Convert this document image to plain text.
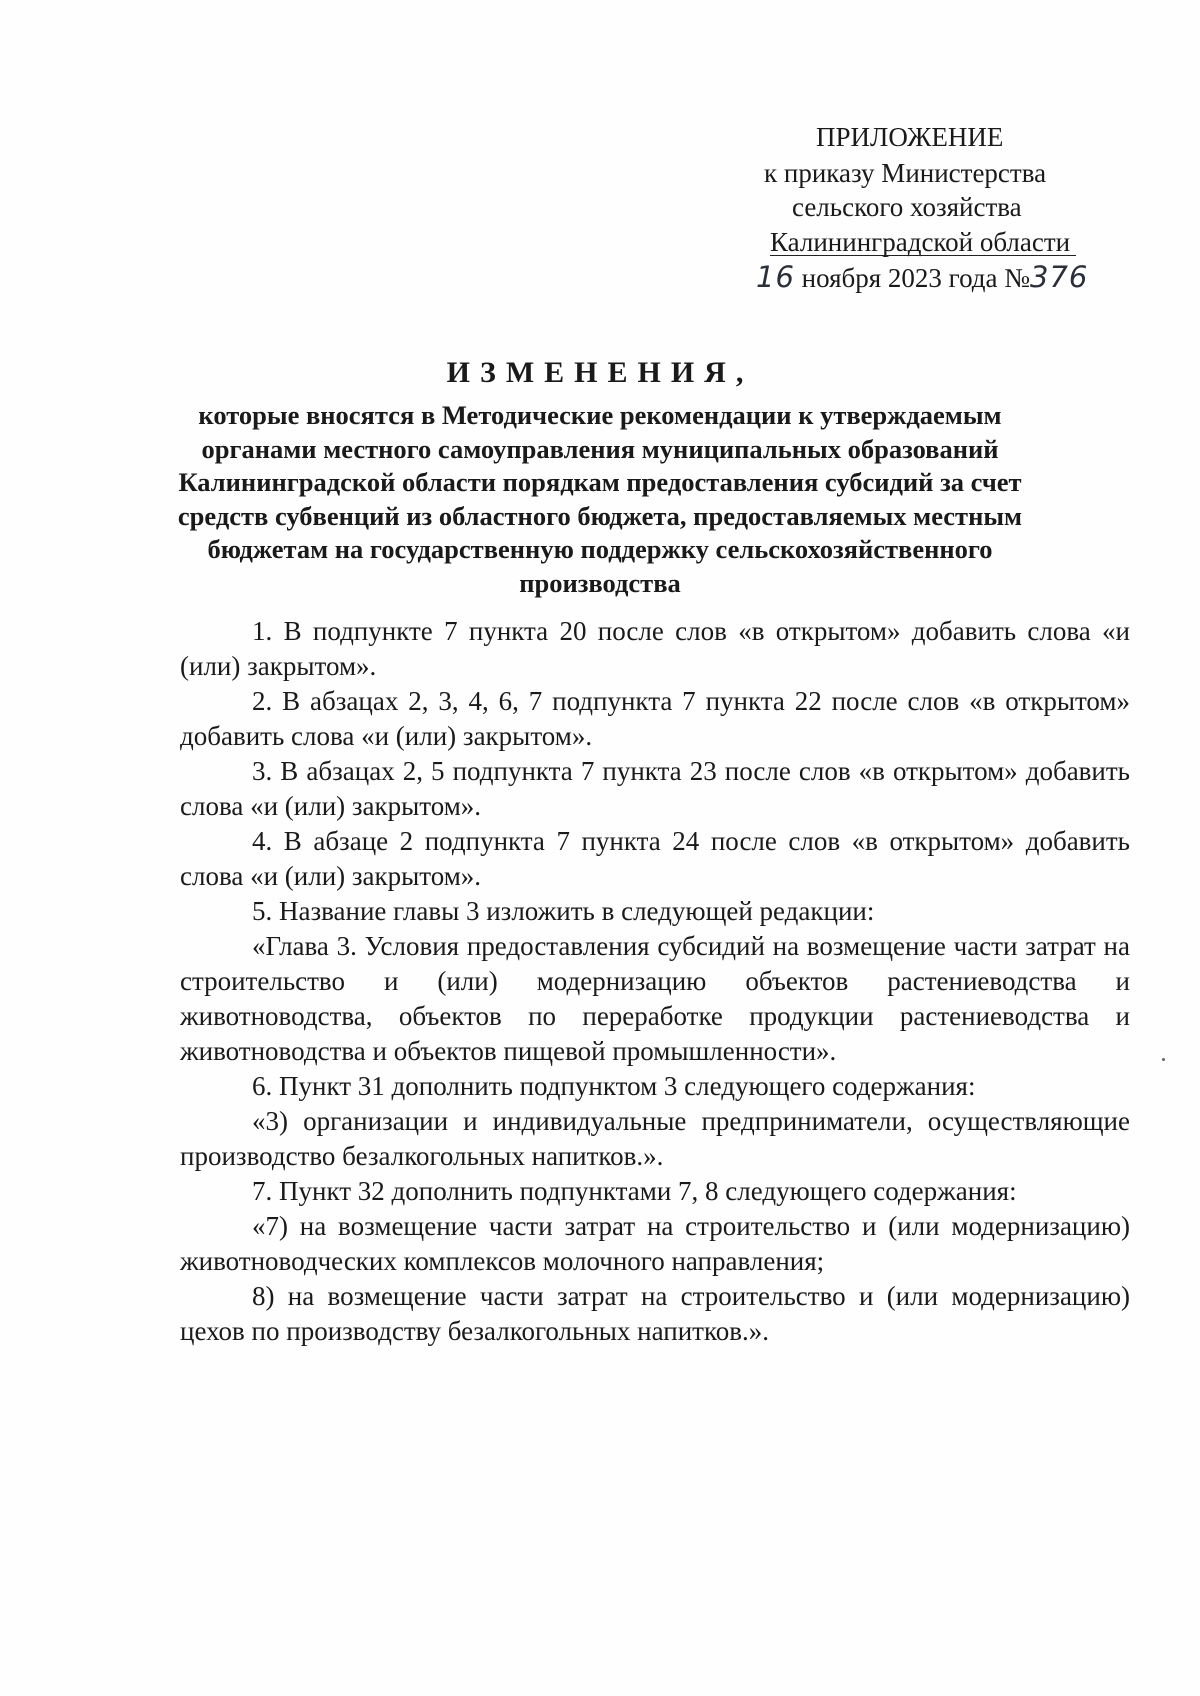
ПРИЛОЖЕНИЕ
к приказу Министерства
сельского хозяйства
Калининградской области
16 ноября 2023 года №376

ИЗМЕНЕНИЯ,

которые вносятся в Методические рекомендации к утверждаемым
органами местного самоуправления муниципальных образований
Калининградской области порядкам предоставления субсидий за счет
средств субвенций из областного бюджета, предоставляемых местным
бюджетам на государственную поддержку сельскохозяйственного
производства

1. В подпункте 7 пункта 20 после слов «в открытом» добавить слова «и (или) закрытом».

2. В абзацах 2, 3, 4, 6, 7 подпункта 7 пункта 22 после слов «в открытом» добавить слова «и (или) закрытом».

3. В абзацах 2, 5 подпункта 7 пункта 23 после слов «в открытом» добавить слова «и (или) закрытом».

4. В абзаце 2 подпункта 7 пункта 24 после слов «в открытом» добавить слова «и (или) закрытом».

5. Название главы 3 изложить в следующей редакции:

«Глава 3. Условия предоставления субсидий на возмещение части затрат на строительство и (или) модернизацию объектов растениеводства и животноводства, объектов по переработке продукции растениеводства и животноводства и объектов пищевой промышленности».

6. Пункт 31 дополнить подпунктом 3 следующего содержания:

«3) организации и индивидуальные предприниматели, осуществляющие производство безалкогольных напитков.».

7. Пункт 32 дополнить подпунктами 7, 8 следующего содержания:

«7) на возмещение части затрат на строительство и (или модернизацию) животноводческих комплексов молочного направления;

8) на возмещение части затрат на строительство и (или модернизацию) цехов по производству безалкогольных напитков.».
